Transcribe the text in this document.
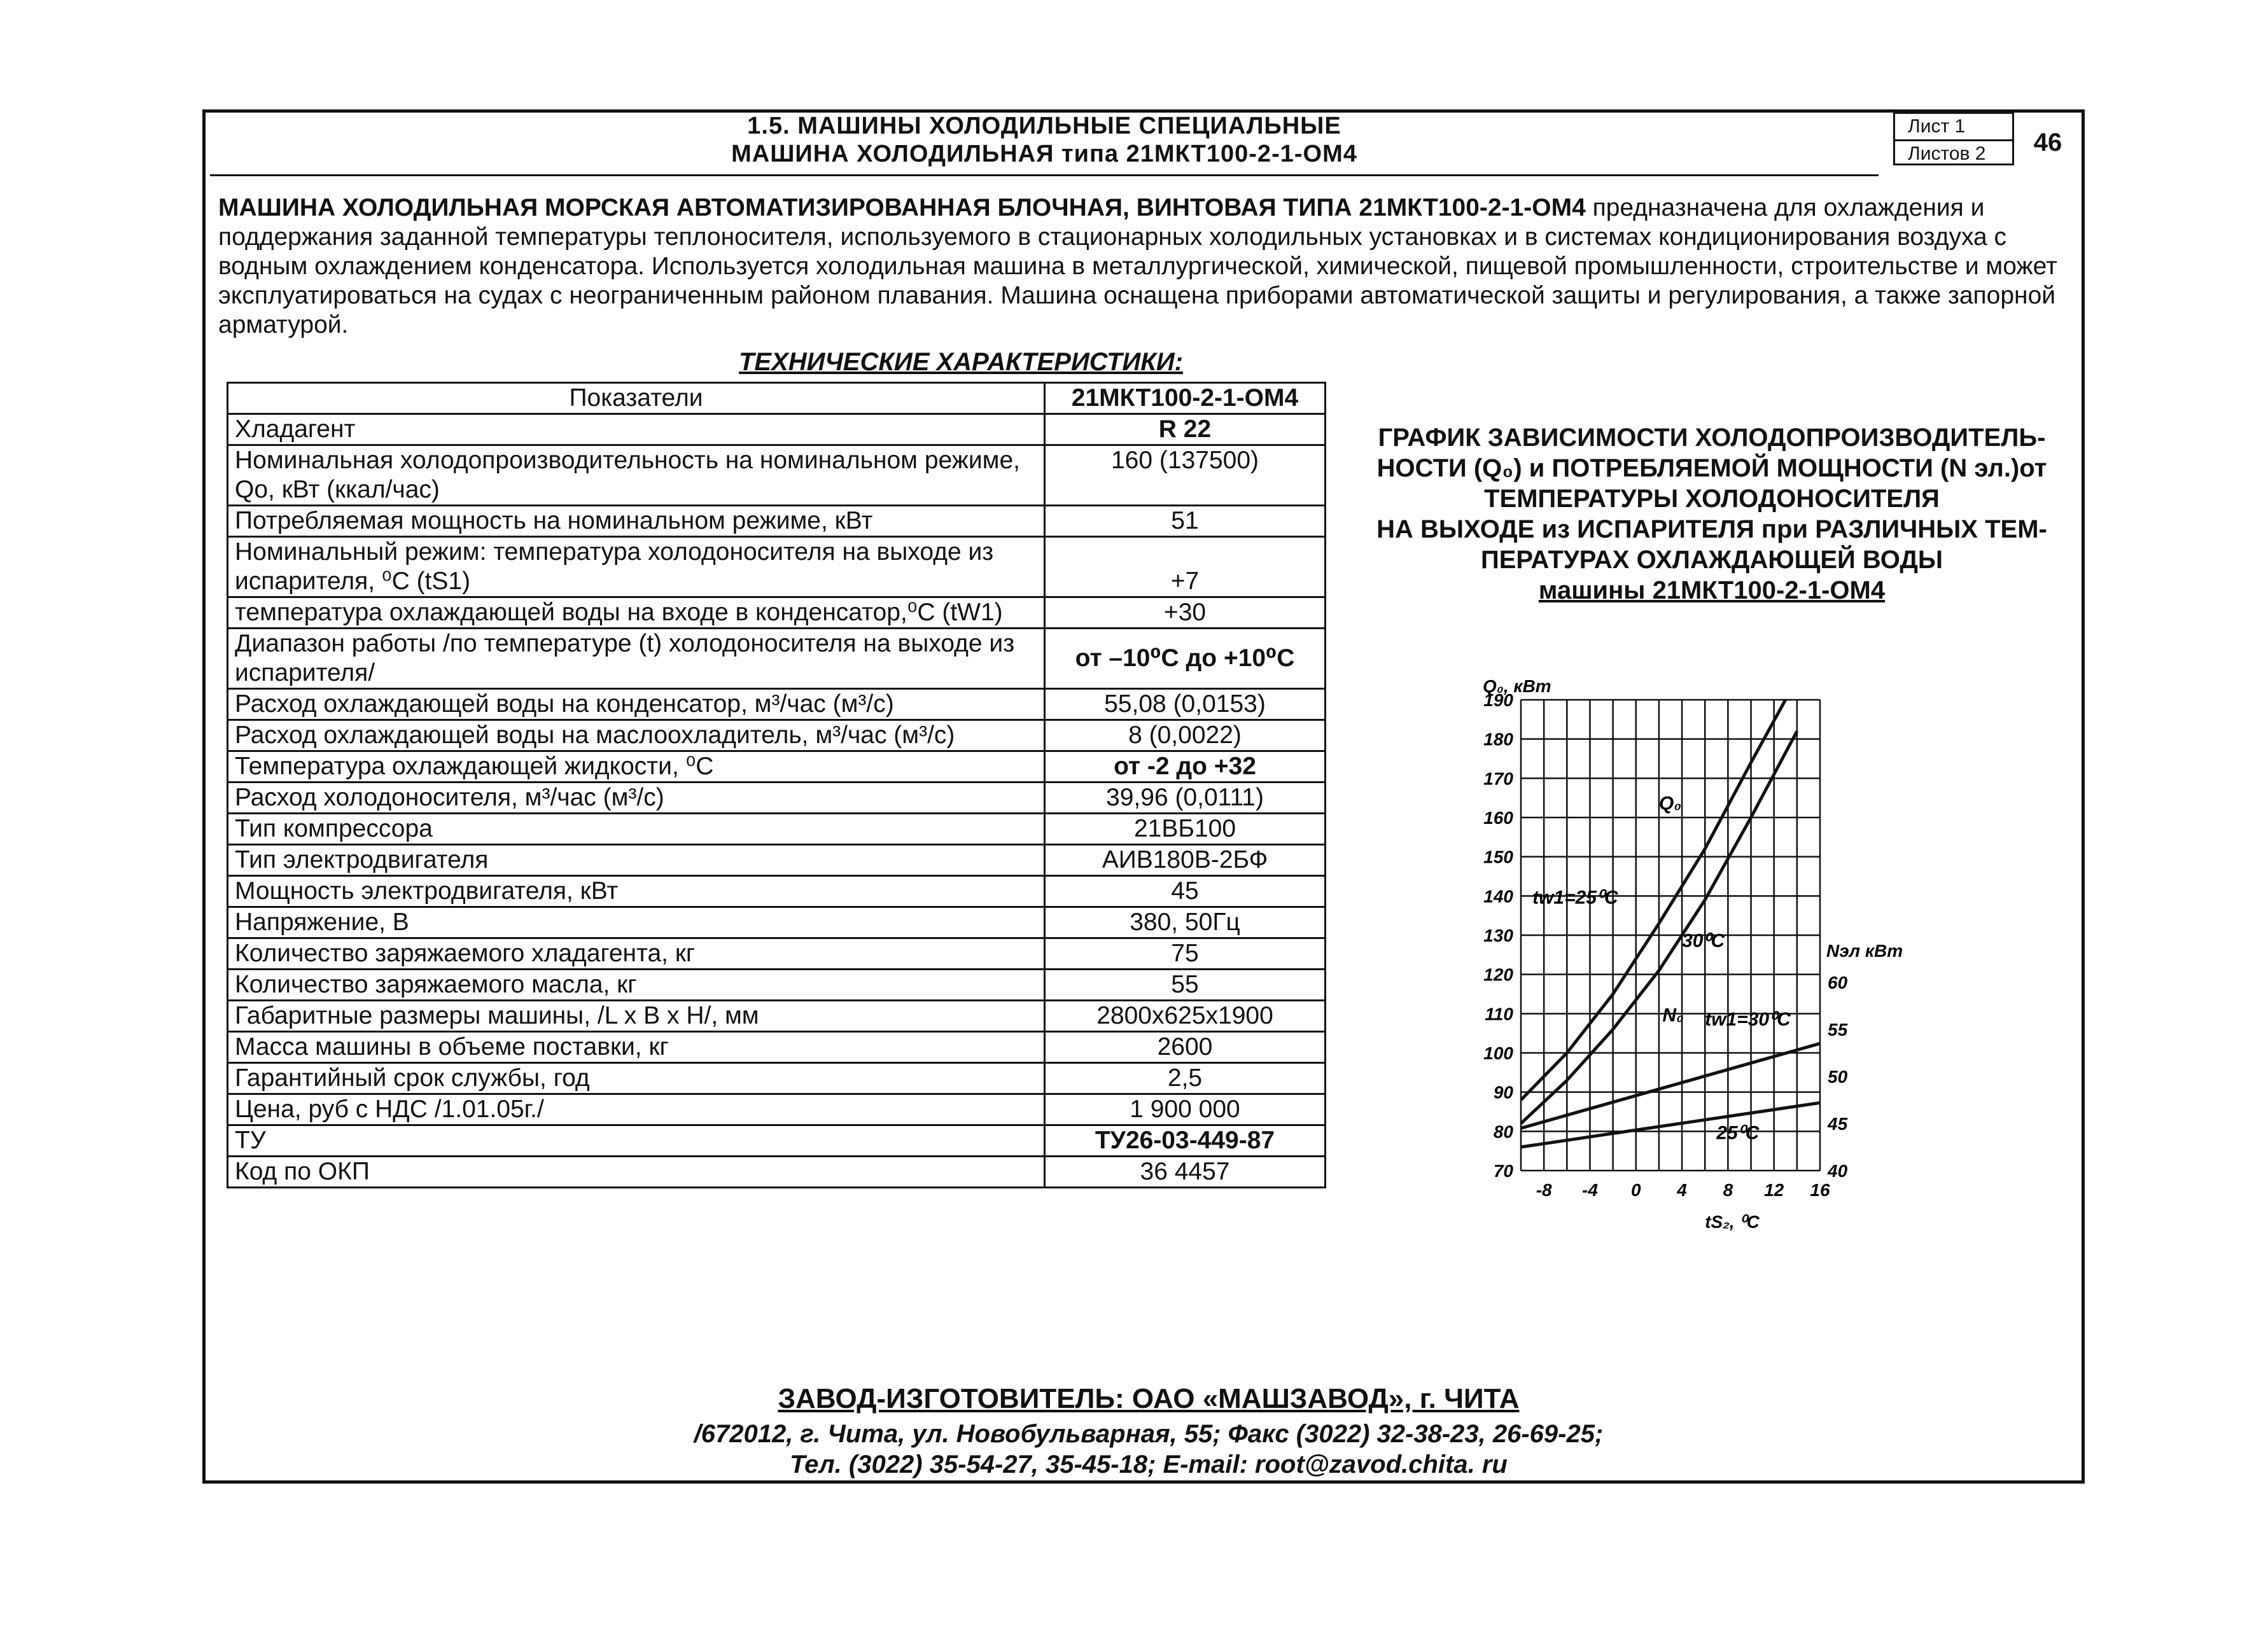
1.5. МАШИНЫ ХОЛОДИЛЬНЫЕ СПЕЦИАЛЬНЫЕ
МАШИНА ХОЛОДИЛЬНАЯ типа 21МКТ100-2-1-ОМ4
Лист 1
Листов 2	46
МАШИНА ХОЛОДИЛЬНАЯ МОРСКАЯ АВТОМАТИЗИРОВАННАЯ БЛОЧНАЯ, ВИНТОВАЯ ТИПА 21МКТ100-2-1-ОМ4 предназначена для охлаждения и поддержания заданной температуры теплоносителя, используемого в стационарных холодильных установках и в системах кондиционирования воздуха с водным охлаждением конденсатора. Используется холодильная машина в металлургической, химической, пищевой промышленности, строительстве и может эксплуатироваться на судах с неограниченным районом плавания. Машина оснащена приборами автоматической защиты и регулирования, а также запорной арматурой.
ТЕХНИЧЕСКИЕ ХАРАКТЕРИСТИКИ:
Показатели	21МКТ100-2-1-ОМ4
Хладагент	R 22
Номинальная холодопроизводительность на номинальном режиме, Qo, кВт (ккал/час)	160 (137500)
Потребляемая мощность на номинальном режиме, кВт	51
Номинальный режим: температура холодоносителя на выходе из испарителя, ⁰С (tS1)	+7
температура охлаждающей воды на входе в конденсатор,⁰С (tW1)	+30
Диапазон работы /по температуре (t) холодоносителя на выходе из испарителя/	от –10⁰С до +10⁰С
Расход охлаждающей воды на конденсатор, м³/час (м³/с)	55,08 (0,0153)
Расход охлаждающей воды на маслоохладитель, м³/час (м³/с)	8 (0,0022)
Температура охлаждающей жидкости, ⁰С	от -2 до +32
Расход холодоносителя, м³/час (м³/с)	39,96 (0,0111)
Тип компрессора	21ВБ100
Тип электродвигателя	АИВ180В-2БФ
Мощность электродвигателя, кВт	45
Напряжение, В	380, 50Гц
Количество заряжаемого хладагента, кг	75
Количество заряжаемого масла, кг	55
Габаритные размеры машины, /L x B x H/, мм	2800x625x1900
Масса машины в объеме поставки, кг	2600
Гарантийный срок службы, год	2,5
Цена, руб с НДС /1.01.05г./	1 900 000
ТУ	ТУ26-03-449-87
Код по ОКП	36 4457
ГРАФИК ЗАВИСИМОСТИ ХОЛОДОПРОИЗВОДИТЕЛЬ-
НОСТИ (Q₀) и ПОТРЕБЛЯЕМОЙ МОЩНОСТИ (N эл.)от
ТЕМПЕРАТУРЫ ХОЛОДОНОСИТЕЛЯ
НА ВЫХОДЕ из ИСПАРИТЕЛЯ при РАЗЛИЧНЫХ ТЕМ-
ПЕРАТУРАХ ОХЛАЖДАЮЩЕЙ ВОДЫ
машины 21МКТ100-2-1-ОМ4
70
80
90
100
110
120
130
140
150
160
170
180
190
40
45
50
55
60
-8 -4 0 4 8 12 16
Q₀, кВт
Nэл кВт
tS₂, ⁰С
Q₀
tw1=25⁰С
30⁰С
N₀ tw1=30⁰С
25⁰С
ЗАВОД-ИЗГОТОВИТЕЛЬ: ОАО «МАШЗАВОД», г. ЧИТА
/672012, г. Чита, ул. Новобульварная, 55; Факс (3022) 32-38-23, 26-69-25;
Тел. (3022) 35-54-27, 35-45-18; E-mail: root@zavod.chita. ru
